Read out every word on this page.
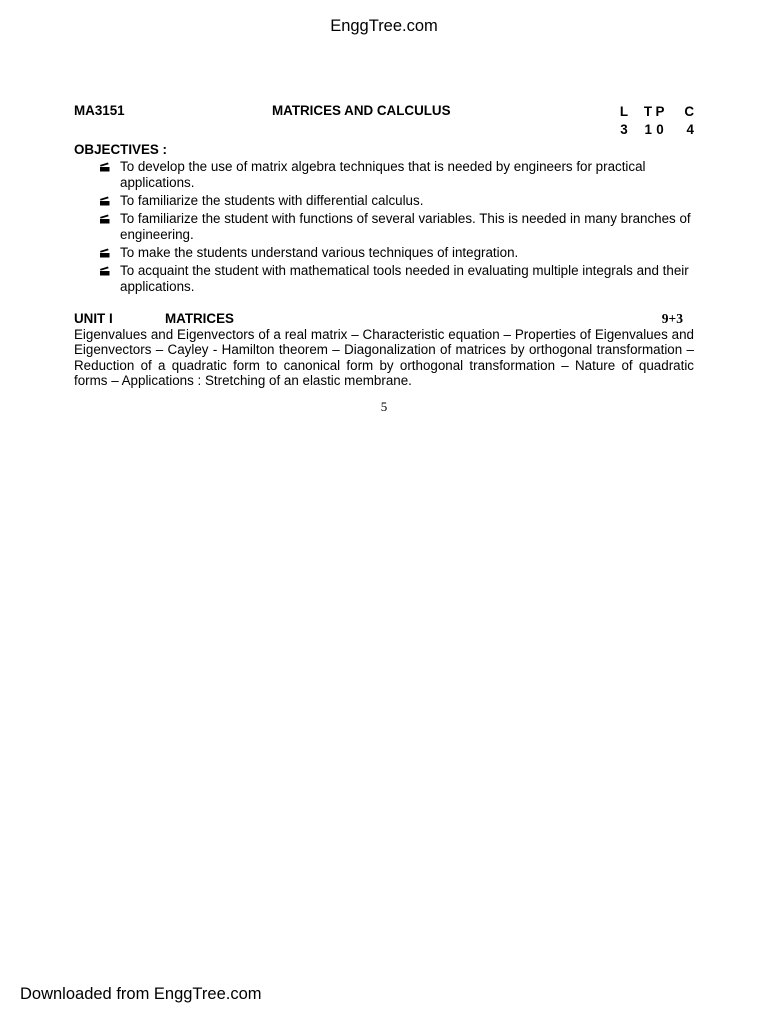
EnggTree.com
MA3151	MATRICES AND CALCULUS	L	T P	C
3	1 0	4
OBJECTIVES :
To develop the use of matrix algebra techniques that is needed by engineers for practical applications.
To familiarize the students with differential calculus.
To familiarize the student with functions of several variables. This is needed in many branches of engineering.
To make the students understand various techniques of integration.
To acquaint the student with mathematical tools needed in evaluating multiple integrals and their applications.
UNIT I	MATRICES	9+3
Eigenvalues and Eigenvectors of a real matrix – Characteristic equation – Properties of Eigenvalues and Eigenvectors – Cayley - Hamilton theorem – Diagonalization of matrices by orthogonal transformation – Reduction of a quadratic form to canonical form by orthogonal transformation – Nature of quadratic forms – Applications : Stretching of an elastic membrane.
5
Downloaded from EnggTree.com
